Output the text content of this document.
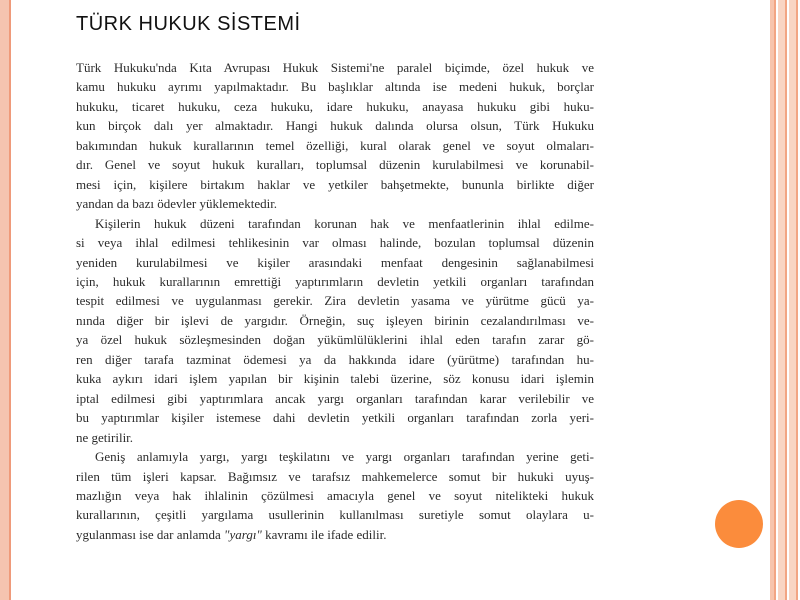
TÜRK HUKUK SİSTEMİ
Türk Hukuku'nda Kıta Avrupası Hukuk Sistemi'ne paralel biçimde, özel hukuk ve
kamu hukuku ayrımı yapılmaktadır. Bu başlıklar altında ise medeni hukuk, borçlar
hukuku, ticaret hukuku, ceza hukuku, idare hukuku, anayasa hukuku gibi huku-
kun birçok dalı yer almaktadır. Hangi hukuk dalında olursa olsun, Türk Hukuku
bakımından hukuk kurallarının temel özelliği, kural olarak genel ve soyut olmaları-
dır. Genel ve soyut hukuk kuralları, toplumsal düzenin kurulabilmesi ve korunabil-
mesi için, kişilere birtakım haklar ve yetkiler bahşetmekte, bununla birlikte diğer
yandan da bazı ödevler yüklemektedir.
Kişilerin hukuk düzeni tarafından korunan hak ve menfaatlerinin ihlal edilme-
si veya ihlal edilmesi tehlikesinin var olması halinde, bozulan toplumsal düzenin
yeniden kurulabilmesi ve kişiler arasındaki menfaat dengesinin sağlanabilmesi
için, hukuk kurallarının emrettiği yaptırımların devletin yetkili organları tarafından
tespit edilmesi ve uygulanması gerekir. Zira devletin yasama ve yürütme gücü ya-
nında diğer bir işlevi de yargıdır. Örneğin, suç işleyen birinin cezalandırılması ve-
ya özel hukuk sözleşmesinden doğan yükümlülüklerini ihlal eden tarafın zarar gö-
ren diğer tarafa tazminat ödemesi ya da hakkında idare (yürütme) tarafından hu-
kuka aykırı idari işlem yapılan bir kişinin talebi üzerine, söz konusu idari işlemin
iptal edilmesi gibi yaptırımlara ancak yargı organları tarafından karar verilebilir ve
bu yaptırımlar kişiler istemese dahi devletin yetkili organları tarafından zorla yeri-
ne getirilir.
Geniş anlamıyla yargı, yargı teşkilatını ve yargı organları tarafından yerine geti-
rilen tüm işleri kapsar. Bağımsız ve tarafsız mahkemelerce somut bir hukuki uyuş-
mazlığın veya hak ihlalinin çözülmesi amacıyla genel ve soyut nitelikteki hukuk
kurallarının, çeşitli yargılama usullerinin kullanılması suretiyle somut olaylara u-
ygulanması ise dar anlamda "yargı" kavramı ile ifade edilir.
